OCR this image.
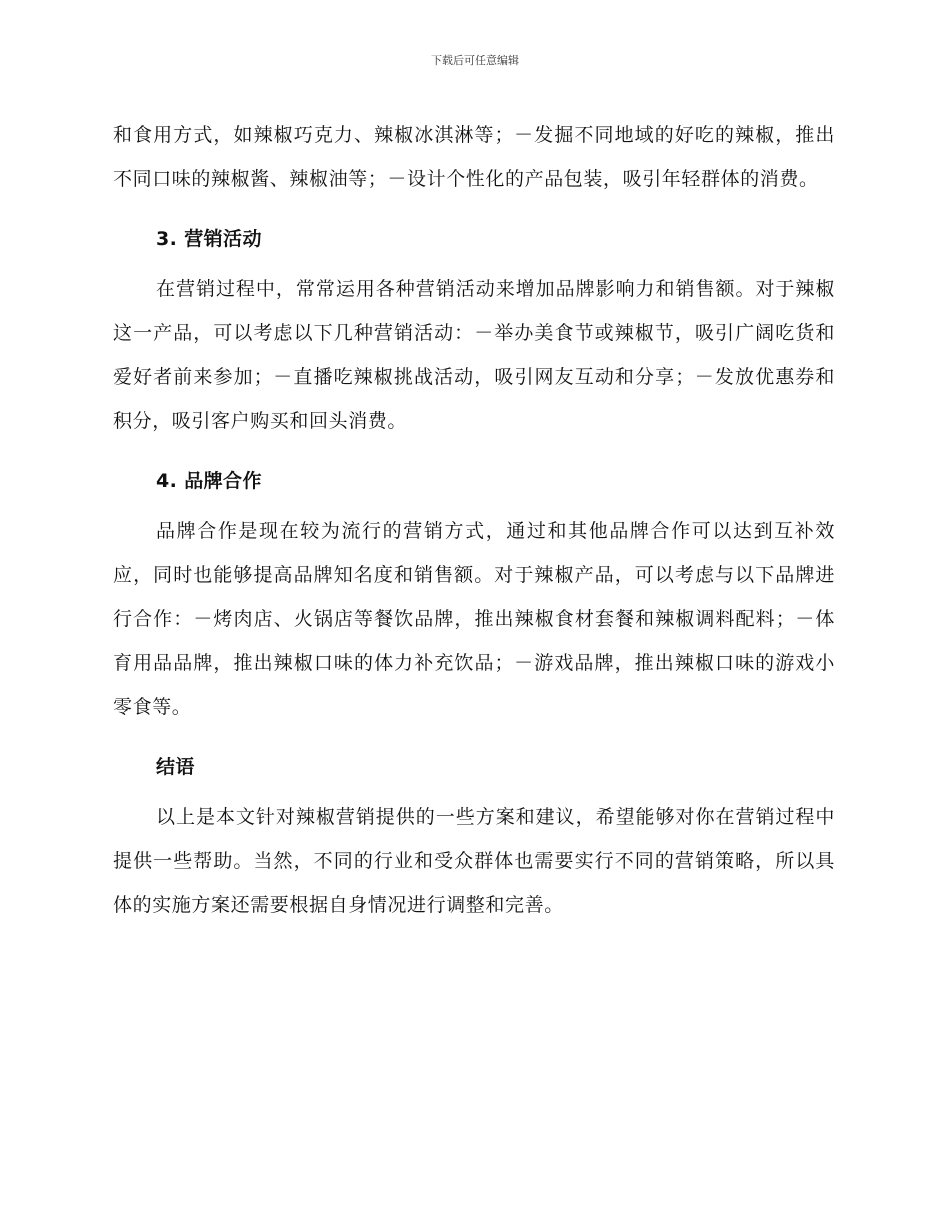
下载后可任意编辑

和食用方式，如辣椒巧克力、辣椒冰淇淋等；－发掘不同地域的好吃的辣椒，推出不同口味的辣椒酱、辣椒油等；－设计个性化的产品包装，吸引年轻群体的消费。

3. 营销活动

在营销过程中，常常运用各种营销活动来增加品牌影响力和销售额。对于辣椒这一产品，可以考虑以下几种营销活动：－举办美食节或辣椒节，吸引广阔吃货和爱好者前来参加；－直播吃辣椒挑战活动，吸引网友互动和分享；－发放优惠券和积分，吸引客户购买和回头消费。

4. 品牌合作

品牌合作是现在较为流行的营销方式，通过和其他品牌合作可以达到互补效应，同时也能够提高品牌知名度和销售额。对于辣椒产品，可以考虑与以下品牌进行合作：－烤肉店、火锅店等餐饮品牌，推出辣椒食材套餐和辣椒调料配料；－体育用品品牌，推出辣椒口味的体力补充饮品；－游戏品牌，推出辣椒口味的游戏小零食等。

结语

以上是本文针对辣椒营销提供的一些方案和建议，希望能够对你在营销过程中提供一些帮助。当然，不同的行业和受众群体也需要实行不同的营销策略，所以具体的实施方案还需要根据自身情况进行调整和完善。
